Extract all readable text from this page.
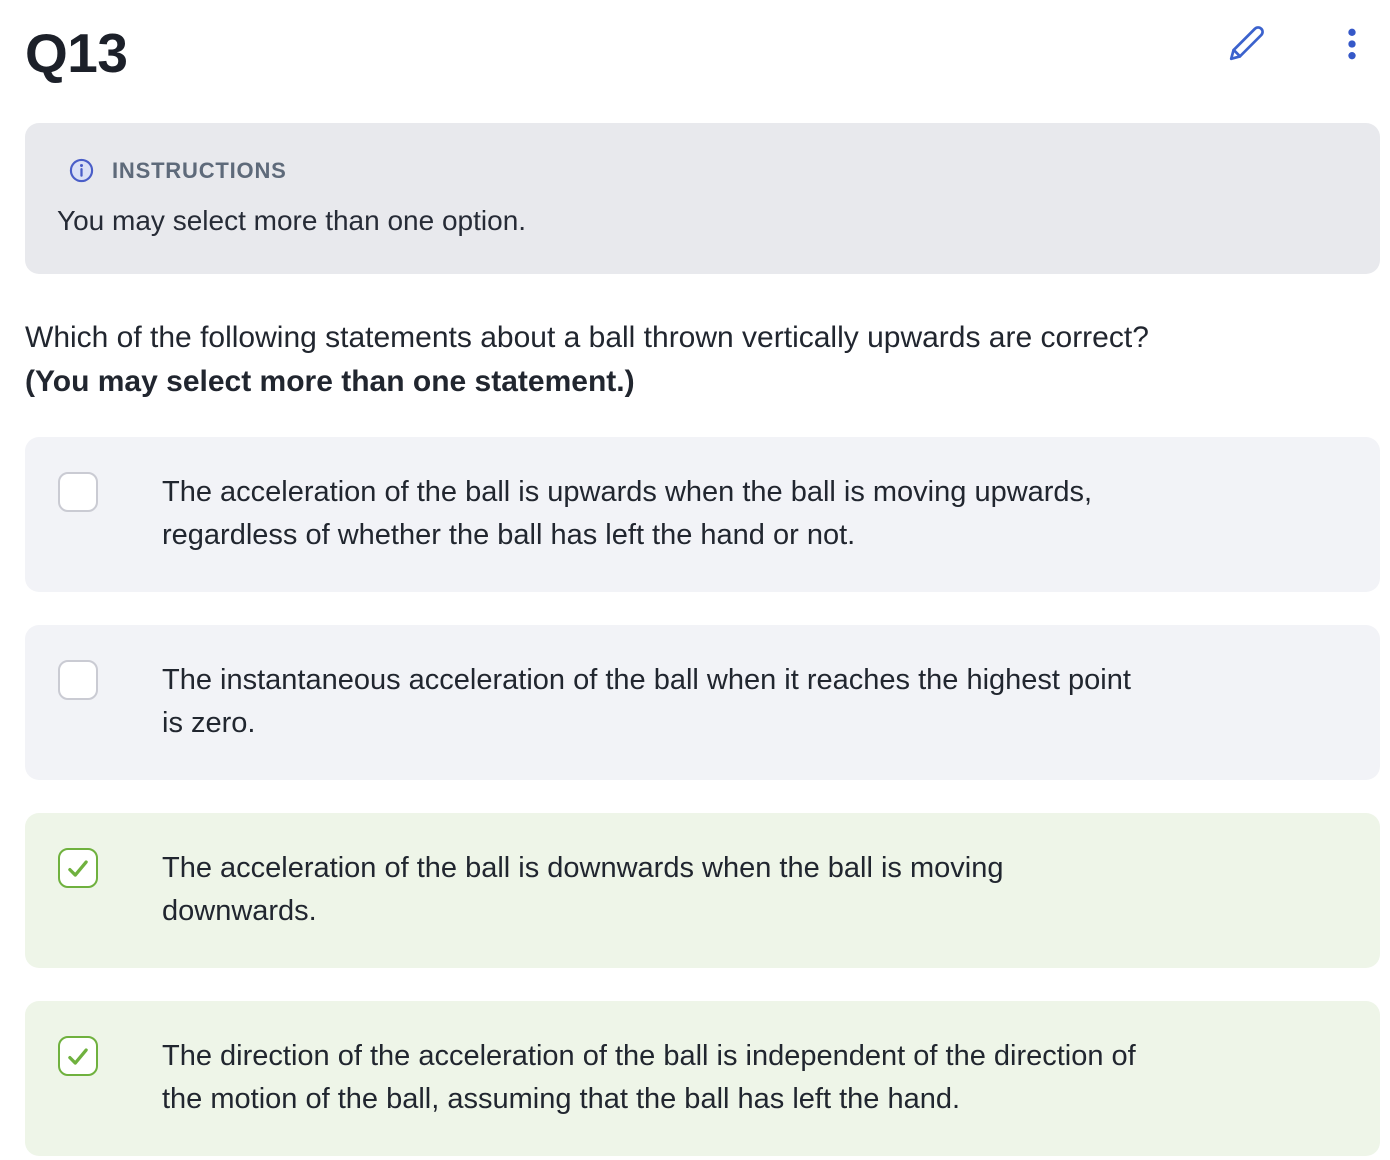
Q13
INSTRUCTIONS
You may select more than one option.
Which of the following statements about a ball thrown vertically upwards are correct?
(You may select more than one statement.)
The acceleration of the ball is upwards when the ball is moving upwards,
regardless of whether the ball has left the hand or not.
The instantaneous acceleration of the ball when it reaches the highest point
is zero.
The acceleration of the ball is downwards when the ball is moving
downwards.
The direction of the acceleration of the ball is independent of the direction of
the motion of the ball, assuming that the ball has left the hand.
